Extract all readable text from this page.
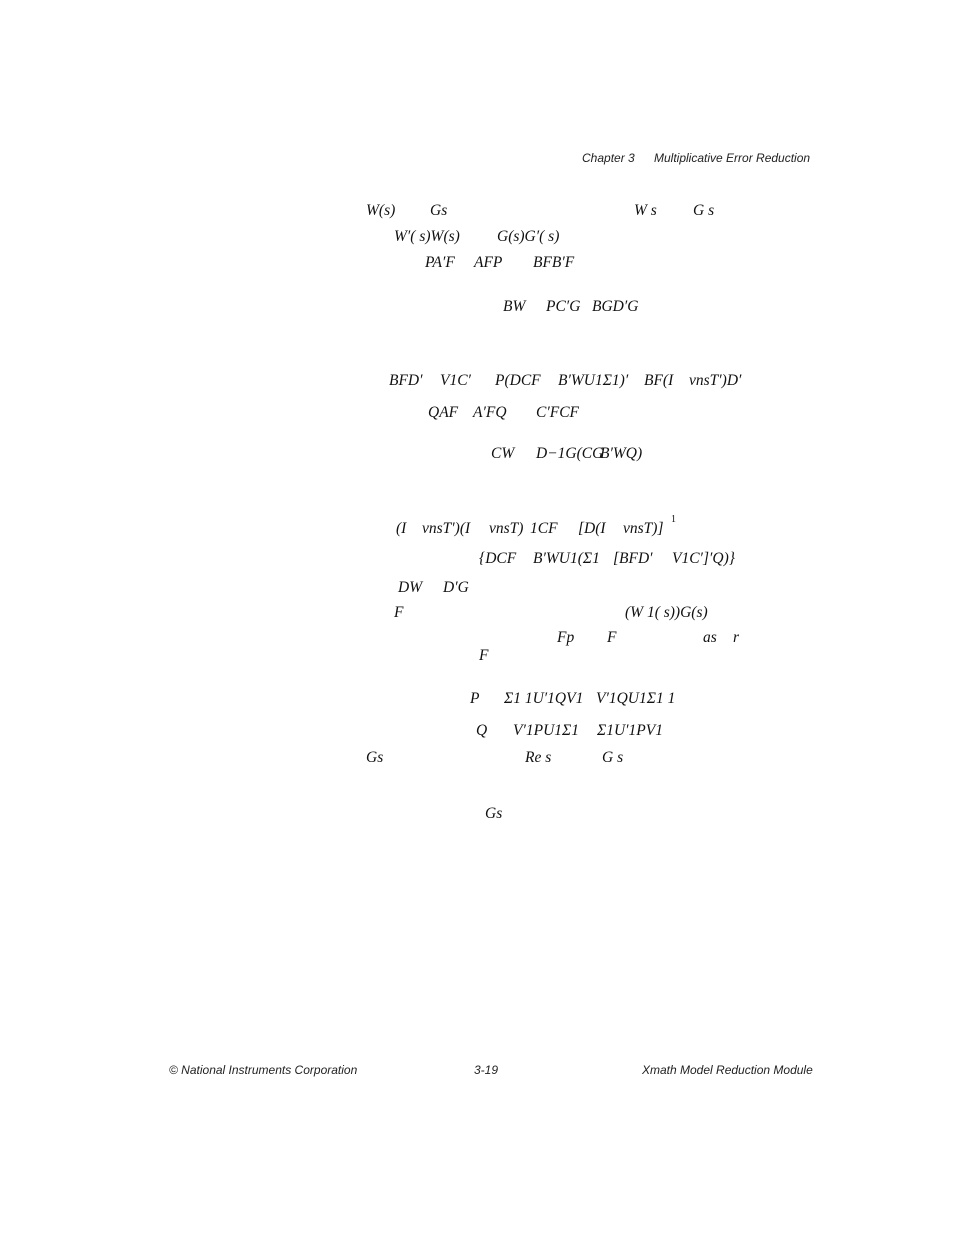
Chapter 3 Multiplicative Error Reduction
W(s) Gs	W s G s
W′( s)W(s) G(s)G′( s)
PA′F AFP BFB′F
BW PC′G BGD′G
BFD′ V1C′ P(DCF B′WU1Σ1)′ BF(I vnsT′)D′
QAF A′FQ C′FCF
CW D−1G(CG
B′WQ)
(I vnsT′)(I vnsT) 1CF [D(I vnsT)]
1
{DCF B′WU1(Σ1 [BFD′ V1C′]′Q)}
DW D′G
F	(W 1( s))G(s)
Fp F	as r
F
P Σ1 1U′1QV1 V′1QU1Σ1 1
Q V′1PU1Σ1 Σ1U′1PV1
Gs	Re s	G s
Gs
© National Instruments Corporation	3-19	Xmath Model Reduction Module
